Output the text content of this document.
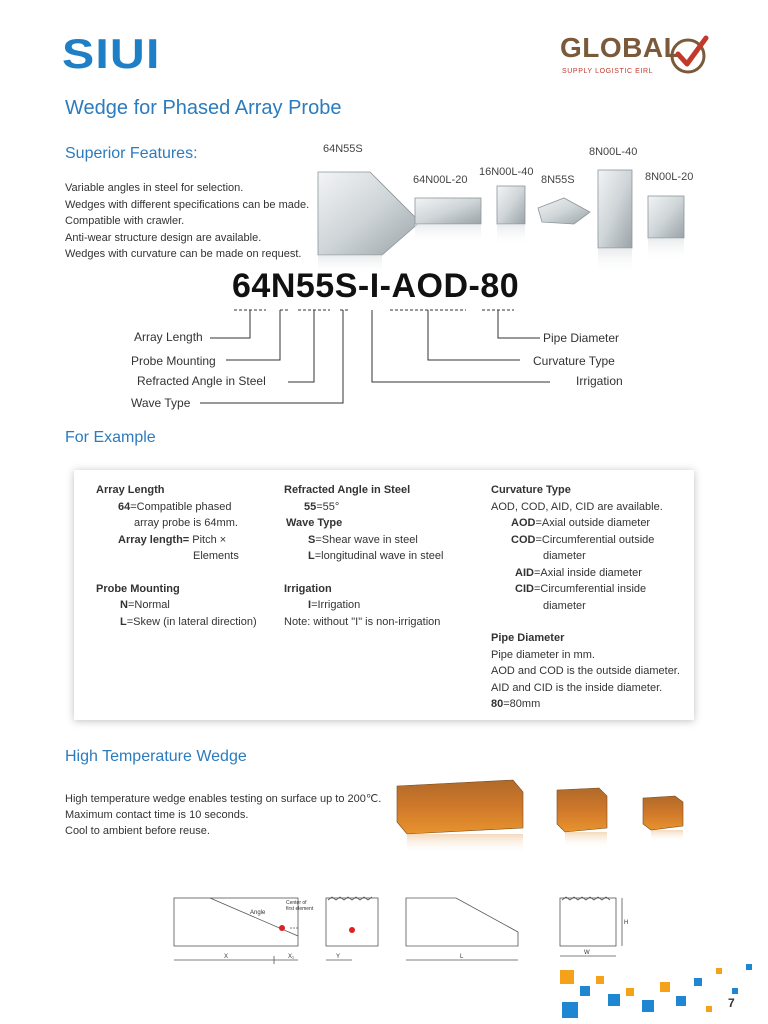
SIUI	GLOBAL
SUPPLY LOGISTIC EIRL
Wedge for Phased Array Probe
Superior Features:
Variable angles in steel for selection.
Wedges with different specifications can be made.
Compatible with crawler.
Anti-wear structure design are available.
Wedges with curvature can be made on request.
64N55S
64N00L-20
16N00L-40
8N55S
8N00L-40
8N00L-20
64N55S-I-AOD-80
Array Length
Probe Mounting
Refracted Angle in Steel
Wave Type
Pipe Diameter
Curvature Type
Irrigation
For Example
Array Length
64=Compatible phased
array probe is 64mm.
Array length= Pitch ×
Elements
Probe Mounting
N=Normal
L=Skew (in lateral direction)
Refracted Angle in Steel
55=55°
Wave Type
S=Shear wave in steel
L=longitudinal wave in steel
Irrigation
I=Irrigation
Note: without "I" is non-irrigation
Curvature Type
AOD, COD, AID, CID are available.
AOD=Axial outside diameter
COD=Circumferential outside
diameter
AID=Axial inside diameter
CID=Circumferential inside
diameter
Pipe Diameter
Pipe diameter in mm.
AOD and COD is the outside diameter.
AID and CID is the inside diameter.
80=80mm
High Temperature Wedge
High temperature wedge enables testing on surface up to 200℃.
Maximum contact time is 10 seconds.
Cool to ambient before reuse.
Angle
Center of
first element
X	X₁	Y	L
W
H
7
